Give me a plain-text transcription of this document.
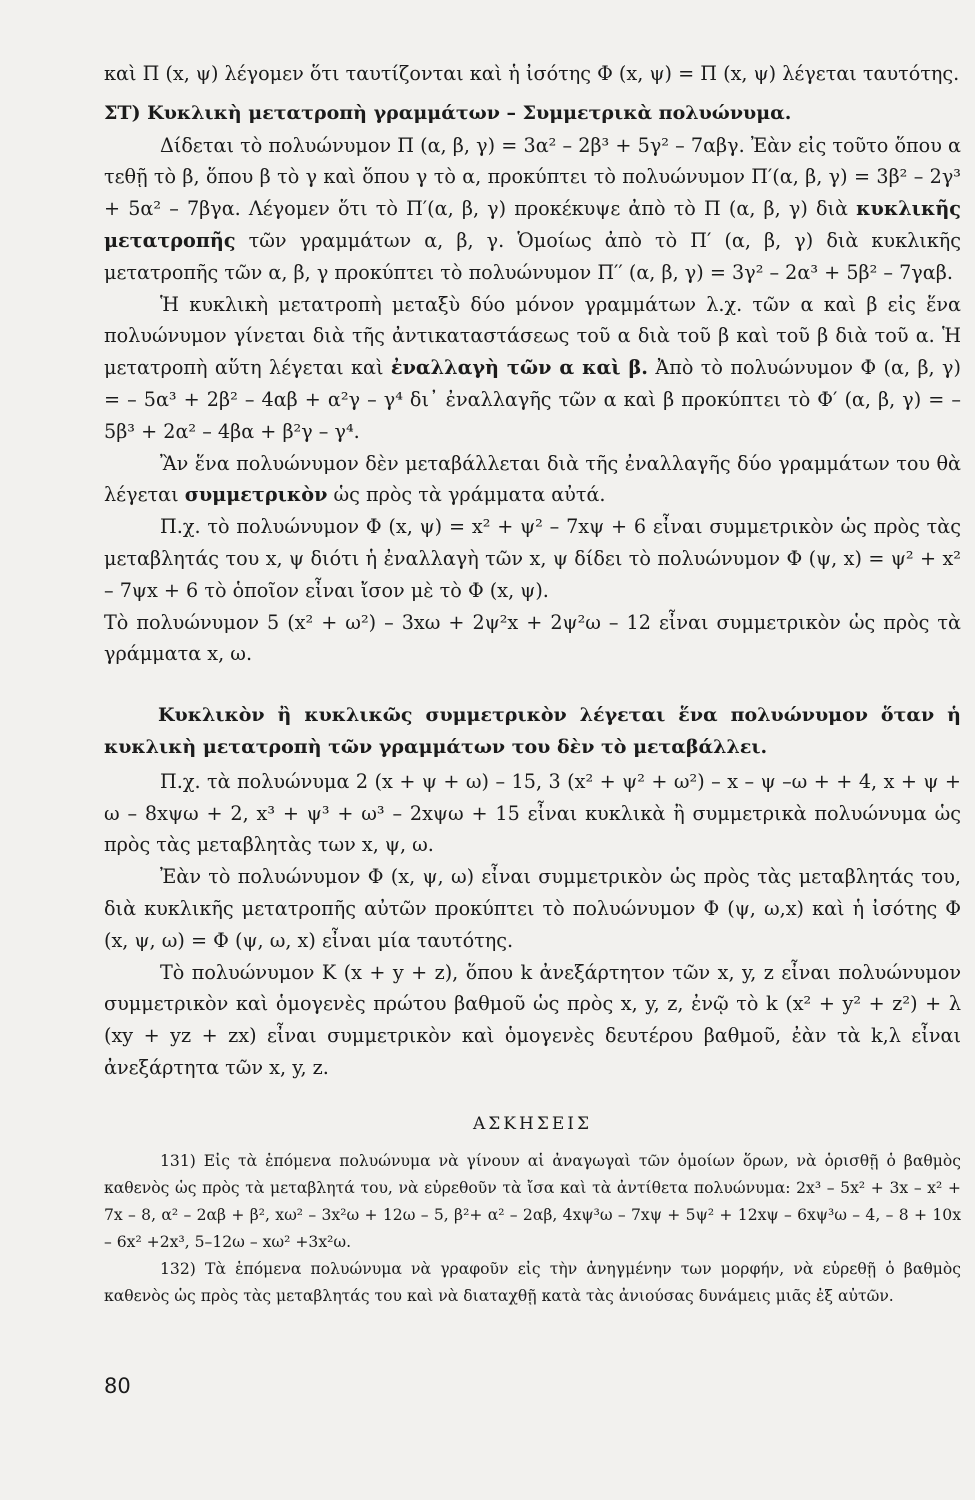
καὶ Π (x, ψ) λέγομεν ὅτι ταυτίζονται καὶ ἡ ἰσότης Φ (x, ψ) = Π (x, ψ) λέγεται ταυτότης.

ΣΤ) Κυκλικὴ μετατροπὴ γραμμάτων – Συμμετρικὰ πολυώνυμα.

Δίδεται τὸ πολυώνυμον Π (α, β, γ) = 3α² – 2β³ + 5γ² – 7αβγ. Ἐὰν εἰς τοῦτο ὅπου α τεθῇ τὸ β, ὅπου β τὸ γ καὶ ὅπου γ τὸ α, προκύπτει τὸ πολυώνυμον Π′(α, β, γ) = 3β² – 2γ³ + 5α² – 7βγα. Λέγομεν ὅτι τὸ Π′(α, β, γ) προκέκυψε ἀπὸ τὸ Π (α, β, γ) διὰ κυκλικῆς μετατροπῆς τῶν γραμμάτων α, β, γ. Ὁμοίως ἀπὸ τὸ Π′ (α, β, γ) διὰ κυκλικῆς μετατροπῆς τῶν α, β, γ προκύπτει τὸ πολυώνυμον Π′′ (α, β, γ) = 3γ² – 2α³ + 5β² – 7γαβ.

Ἡ κυκλικὴ μετατροπὴ μεταξὺ δύο μόνον γραμμάτων λ.χ. τῶν α καὶ β εἰς ἕνα πολυώνυμον γίνεται διὰ τῆς ἀντικαταστάσεως τοῦ α διὰ τοῦ β καὶ τοῦ β διὰ τοῦ α. Ἡ μετατροπὴ αὕτη λέγεται καὶ ἐναλλαγὴ τῶν α καὶ β. Ἀπὸ τὸ πολυώνυμον Φ (α, β, γ) = – 5α³ + 2β² – 4αβ + α²γ – γ⁴ δι᾿ ἐναλλαγῆς τῶν α καὶ β προκύπτει τὸ Φ′ (α, β, γ) = – 5β³ + 2α² – 4βα + β²γ – γ⁴.

Ἂν ἕνα πολυώνυμον δὲν μεταβάλλεται διὰ τῆς ἐναλλαγῆς δύο γραμμάτων του θὰ λέγεται συμμετρικὸν ὡς πρὸς τὰ γράμματα αὐτά.

Π.χ. τὸ πολυώνυμον Φ (x, ψ) = x² + ψ² – 7xψ + 6 εἶναι συμμετρικὸν ὡς πρὸς τὰς μεταβλητάς του x, ψ διότι ἡ ἐναλλαγὴ τῶν x, ψ δίδει τὸ πολυώνυμον Φ (ψ, x) = ψ² + x² – 7ψx + 6 τὸ ὁποῖον εἶναι ἴσον μὲ τὸ Φ (x, ψ).

Τὸ πολυώνυμον 5 (x² + ω²) – 3xω + 2ψ²x + 2ψ²ω – 12 εἶναι συμμετρικὸν ὡς πρὸς τὰ γράμματα x, ω.

Κυκλικὸν ἢ κυκλικῶς συμμετρικὸν λέγεται ἕνα πολυώνυμον ὅταν ἡ κυκλικὴ μετατροπὴ τῶν γραμμάτων του δὲν τὸ μεταβάλλει.

Π.χ. τὰ πολυώνυμα 2 (x + ψ + ω) – 15, 3 (x² + ψ² + ω²) – x – ψ –ω + + 4, x + ψ + ω – 8xψω + 2, x³ + ψ³ + ω³ – 2xψω + 15 εἶναι κυκλικὰ ἢ συμμετρικὰ πολυώνυμα ὡς πρὸς τὰς μεταβλητὰς των x, ψ, ω.

Ἐὰν τὸ πολυώνυμον Φ (x, ψ, ω) εἶναι συμμετρικὸν ὡς πρὸς τὰς μεταβλητάς του, διὰ κυκλικῆς μετατροπῆς αὐτῶν προκύπτει τὸ πολυώνυμον Φ (ψ, ω,x) καὶ ἡ ἰσότης Φ (x, ψ, ω) = Φ (ψ, ω, x) εἶναι μία ταυτότης.

Τὸ πολυώνυμον K (x + y + z), ὅπου k ἀνεξάρτητον τῶν x, y, z εἶναι πολυώνυμον συμμετρικὸν καὶ ὁμογενὲς πρώτου βαθμοῦ ὡς πρὸς x, y, z, ἐνῷ τὸ k (x² + y² + z²) + λ (xy + yz + zx) εἶναι συμμετρικὸν καὶ ὁμογενὲς δευτέρου βαθμοῦ, ἐὰν τὰ k,λ εἶναι ἀνεξάρτητα τῶν x, y, z.

ΑΣΚΗΣΕΙΣ

131) Εἰς τὰ ἑπόμενα πολυώνυμα νὰ γίνουν αἱ ἀναγωγαὶ τῶν ὁμοίων ὅρων, νὰ ὁρισθῇ ὁ βαθμὸς καθενὸς ὡς πρὸς τὰ μεταβλητά του, νὰ εὑρεθοῦν τὰ ἴσα καὶ τὰ ἀντίθετα πολυώνυμα: 2x³ – 5x² + 3x – x² + 7x – 8, α² – 2αβ + β², xω² – 3x²ω + 12ω – 5, β²+ α² – 2αβ, 4xψ³ω – 7xψ + 5ψ² + 12xψ – 6xψ³ω – 4, – 8 + 10x – 6x² +2x³, 5–12ω – xω² +3x²ω.

132) Τὰ ἑπόμενα πολυώνυμα νὰ γραφοῦν εἰς τὴν ἀνηγμένην των μορφήν, νὰ εὑρεθῇ ὁ βαθμὸς καθενὸς ὡς πρὸς τὰς μεταβλητάς του καὶ νὰ διαταχθῇ κατὰ τὰς ἀνιούσας δυνάμεις μιᾶς ἐξ αὐτῶν.

80
